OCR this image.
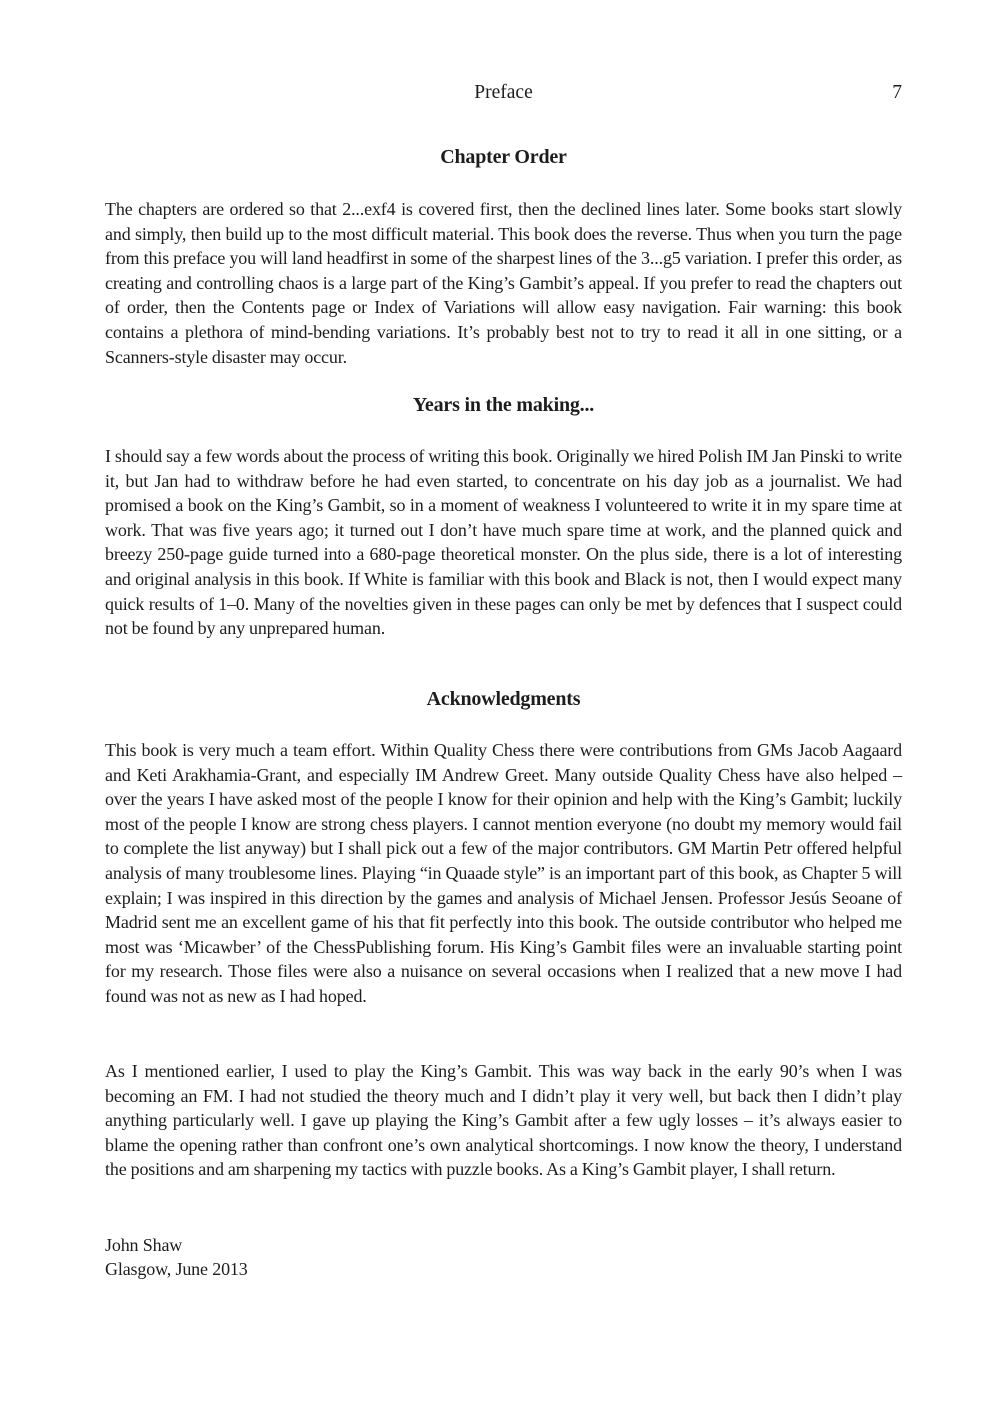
Preface	7
Chapter Order

The chapters are ordered so that 2...exf4 is covered first, then the declined lines later. Some books start slowly and simply, then build up to the most difficult material. This book does the reverse. Thus when you turn the page from this preface you will land headfirst in some of the sharpest lines of the 3...g5 variation. I prefer this order, as creating and controlling chaos is a large part of the King’s Gambit’s appeal. If you prefer to read the chapters out of order, then the Contents page or Index of Variations will allow easy navigation. Fair warning: this book contains a plethora of mind-bending variations. It’s probably best not to try to read it all in one sitting, or a Scanners-style disaster may occur.

Years in the making...

I should say a few words about the process of writing this book. Originally we hired Polish IM Jan Pinski to write it, but Jan had to withdraw before he had even started, to concentrate on his day job as a journalist. We had promised a book on the King’s Gambit, so in a moment of weakness I volunteered to write it in my spare time at work. That was five years ago; it turned out I don’t have much spare time at work, and the planned quick and breezy 250-page guide turned into a 680-page theoretical monster. On the plus side, there is a lot of interesting and original analysis in this book. If White is familiar with this book and Black is not, then I would expect many quick results of 1–0. Many of the novelties given in these pages can only be met by defences that I suspect could not be found by any unprepared human.

Acknowledgments

This book is very much a team effort. Within Quality Chess there were contributions from GMs Jacob Aagaard and Keti Arakhamia-Grant, and especially IM Andrew Greet. Many outside Quality Chess have also helped – over the years I have asked most of the people I know for their opinion and help with the King’s Gambit; luckily most of the people I know are strong chess players. I cannot mention everyone (no doubt my memory would fail to complete the list anyway) but I shall pick out a few of the major contributors. GM Martin Petr offered helpful analysis of many troublesome lines. Playing “in Quaade style” is an important part of this book, as Chapter 5 will explain; I was inspired in this direction by the games and analysis of Michael Jensen. Professor Jesús Seoane of Madrid sent me an excellent game of his that fit perfectly into this book. The outside contributor who helped me most was ‘Micawber’ of the ChessPublishing forum. His King’s Gambit files were an invaluable starting point for my research. Those files were also a nuisance on several occasions when I realized that a new move I had found was not as new as I had hoped.

As I mentioned earlier, I used to play the King’s Gambit. This was way back in the early 90’s when I was becoming an FM. I had not studied the theory much and I didn’t play it very well, but back then I didn’t play anything particularly well. I gave up playing the King’s Gambit after a few ugly losses – it’s always easier to blame the opening rather than confront one’s own analytical shortcomings. I now know the theory, I understand the positions and am sharpening my tactics with puzzle books. As a King’s Gambit player, I shall return.

John Shaw
Glasgow, June 2013
